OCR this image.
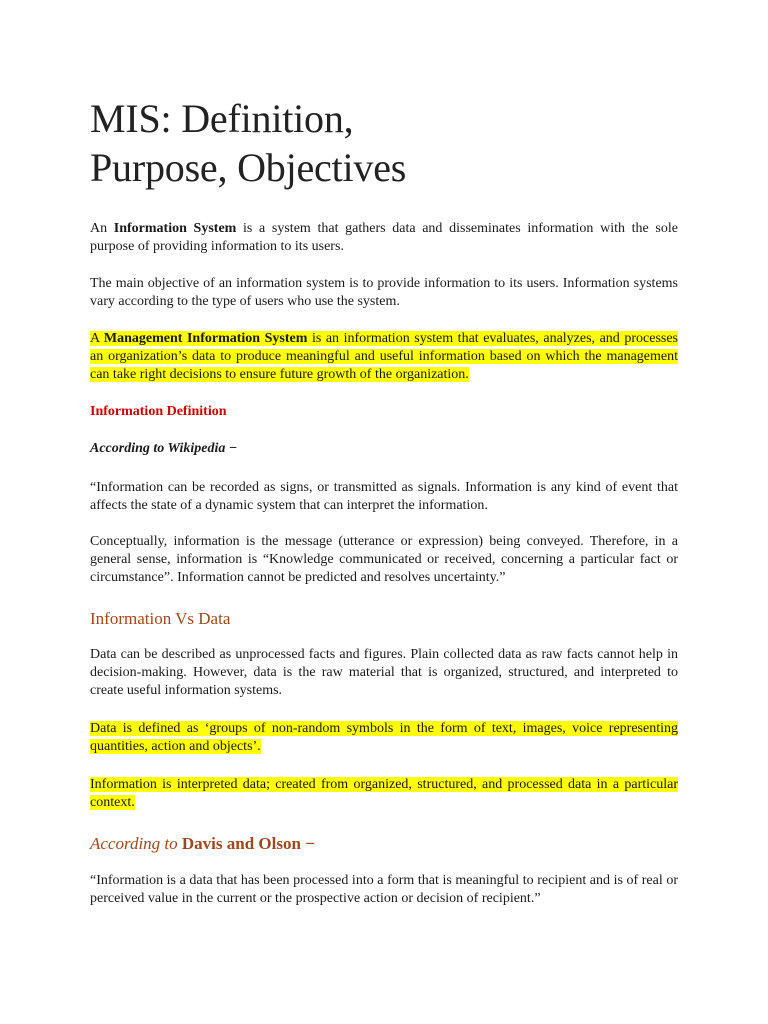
MIS: Definition,
Purpose, Objectives

An Information System is a system that gathers data and disseminates information with the sole purpose of providing information to its users.

The main objective of an information system is to provide information to its users. Information systems vary according to the type of users who use the system.

A Management Information System is an information system that evaluates, analyzes, and processes an organization’s data to produce meaningful and useful information based on which the management can take right decisions to ensure future growth of the organization.

Information Definition
According to Wikipedia −

“Information can be recorded as signs, or transmitted as signals. Information is any kind of event that affects the state of a dynamic system that can interpret the information.

Conceptually, information is the message (utterance or expression) being conveyed. Therefore, in a general sense, information is “Knowledge communicated or received, concerning a particular fact or circumstance”. Information cannot be predicted and resolves uncertainty.”

Information Vs Data

Data can be described as unprocessed facts and figures. Plain collected data as raw facts cannot help in decision-making. However, data is the raw material that is organized, structured, and interpreted to create useful information systems.

Data is defined as ‘groups of non-random symbols in the form of text, images, voice representing quantities, action and objects’.

Information is interpreted data; created from organized, structured, and processed data in a particular context.

According to Davis and Olson −

“Information is a data that has been processed into a form that is meaningful to recipient and is of real or perceived value in the current or the prospective action or decision of recipient.”
